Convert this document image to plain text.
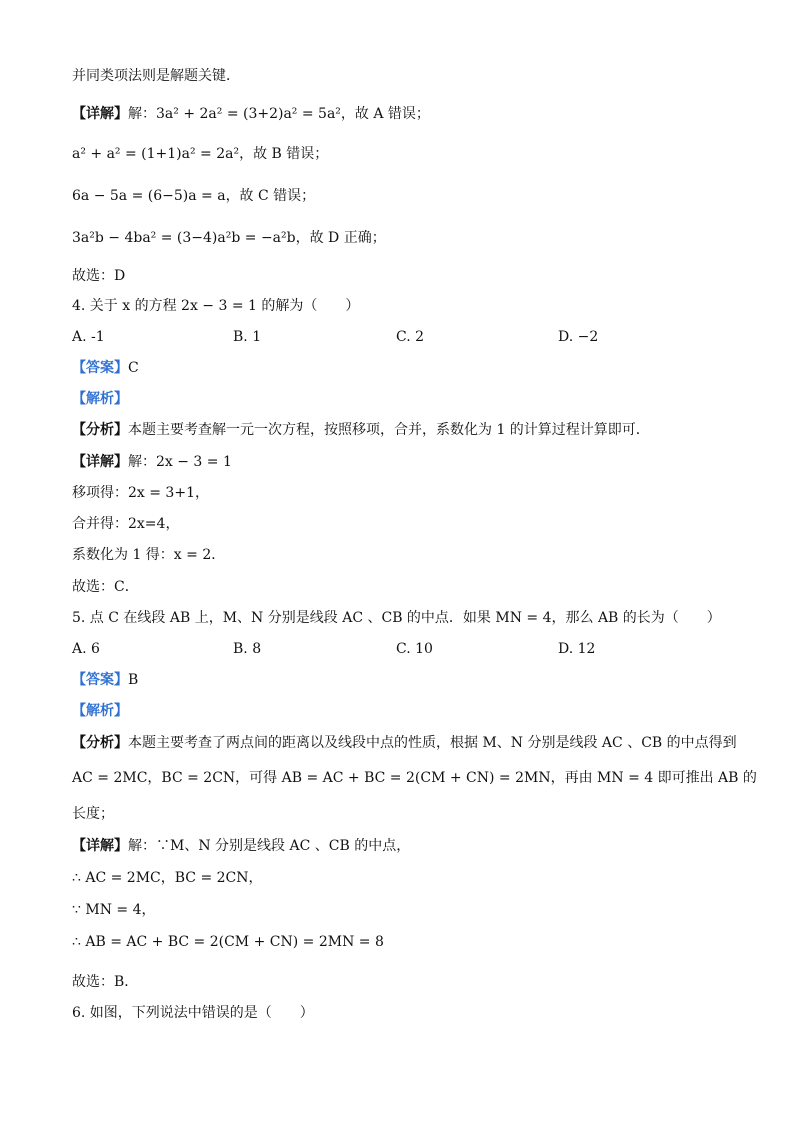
并同类项法则是解题关键．
【详解】解：3a² + 2a² = (3+2)a² = 5a²，故 A 错误；
a² + a² = (1+1)a² = 2a²，故 B 错误；
6a − 5a = (6−5)a = a，故 C 错误；
3a²b − 4ba² = (3−4)a²b = −a²b，故 D 正确；
故选：D
4. 关于 x 的方程 2x − 3 = 1 的解为（　　）
A. -1	B. 1	C. 2	D. −2
【答案】C
【解析】
【分析】本题主要考查解一元一次方程，按照移项，合并，系数化为 1 的计算过程计算即可．
【详解】解：2x − 3 = 1
移项得：2x = 3+1，
合并得：2x=4，
系数化为 1 得：x = 2．
故选：C．
5. 点 C 在线段 AB 上，M、N 分别是线段 AC 、CB 的中点．如果 MN = 4，那么 AB 的长为（　　）
A. 6	B. 8	C. 10	D. 12
【答案】B
【解析】
【分析】本题主要考查了两点间的距离以及线段中点的性质，根据 M、N 分别是线段 AC 、CB 的中点得到
AC = 2MC，BC = 2CN，可得 AB = AC + BC = 2(CM + CN) = 2MN，再由 MN = 4 即可推出 AB 的
长度；
【详解】解：∵M、N 分别是线段 AC 、CB 的中点，
∴ AC = 2MC，BC = 2CN，
∵ MN = 4，
∴ AB = AC + BC = 2(CM + CN) = 2MN = 8
故选：B．
6. 如图，下列说法中错误的是（　　）
